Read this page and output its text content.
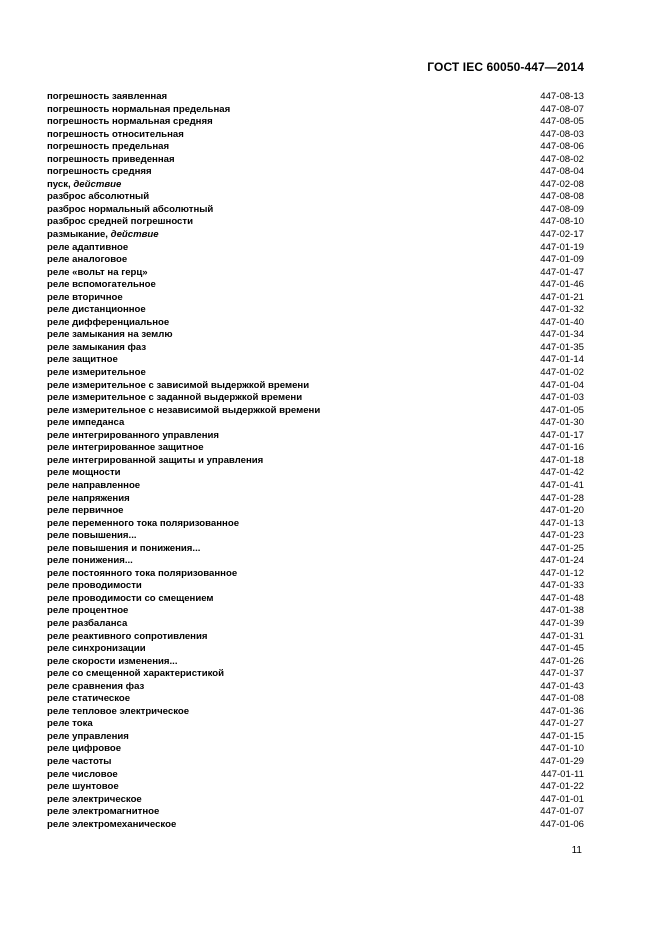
ГОСТ IEC 60050-447—2014
погрешность заявленная	447-08-13
погрешность нормальная предельная	447-08-07
погрешность нормальная средняя	447-08-05
погрешность относительная	447-08-03
погрешность предельная	447-08-06
погрешность приведенная	447-08-02
погрешность средняя	447-08-04
пуск, действие	447-02-08
разброс абсолютный	447-08-08
разброс нормальный абсолютный	447-08-09
разброс средней погрешности	447-08-10
размыкание, действие	447-02-17
реле адаптивное	447-01-19
реле аналоговое	447-01-09
реле «вольт на герц»	447-01-47
реле вспомогательное	447-01-46
реле вторичное	447-01-21
реле дистанционное	447-01-32
реле дифференциальное	447-01-40
реле замыкания на землю	447-01-34
реле замыкания фаз	447-01-35
реле защитное	447-01-14
реле измерительное	447-01-02
реле измерительное с зависимой выдержкой времени	447-01-04
реле измерительное с заданной выдержкой времени	447-01-03
реле измерительное с независимой выдержкой времени	447-01-05
реле импеданса	447-01-30
реле интегрированного управления	447-01-17
реле интегрированное защитное	447-01-16
реле интегрированной защиты и управления	447-01-18
реле мощности	447-01-42
реле направленное	447-01-41
реле напряжения	447-01-28
реле первичное	447-01-20
реле переменного тока поляризованное	447-01-13
реле повышения...	447-01-23
реле повышения и понижения...	447-01-25
реле понижения...	447-01-24
реле постоянного тока поляризованное	447-01-12
реле проводимости	447-01-33
реле проводимости со смещением	447-01-48
реле процентное	447-01-38
реле разбаланса	447-01-39
реле реактивного сопротивления	447-01-31
реле синхронизации	447-01-45
реле скорости изменения...	447-01-26
реле со смещенной характеристикой	447-01-37
реле сравнения фаз	447-01-43
реле статическое	447-01-08
реле тепловое электрическое	447-01-36
реле тока	447-01-27
реле управления	447-01-15
реле цифровое	447-01-10
реле частоты	447-01-29
реле числовое	447-01-11
реле шунтовое	447-01-22
реле электрическое	447-01-01
реле электромагнитное	447-01-07
реле электромеханическое	447-01-06
11
